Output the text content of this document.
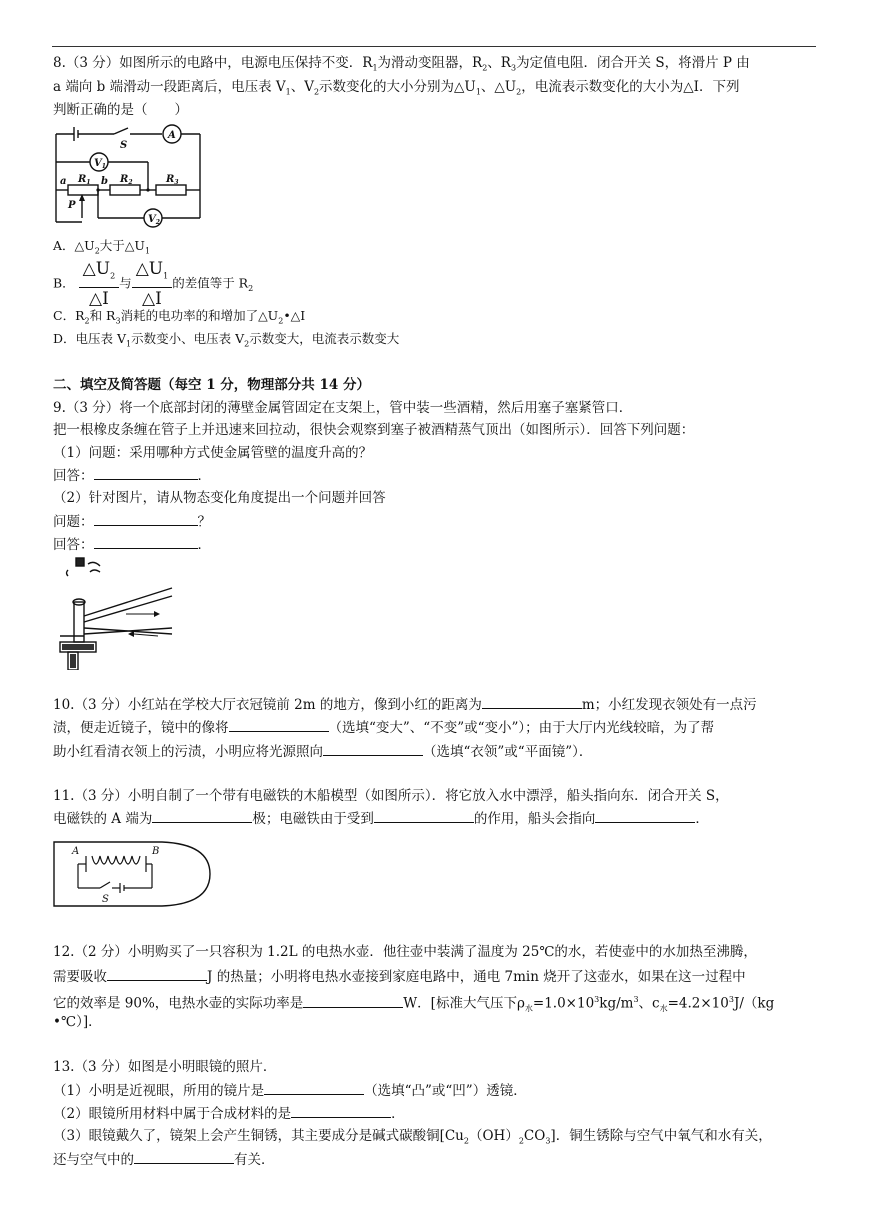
8.（3 分）如图所示的电路中，电源电压保持不变．$R_1$为滑动变阻器，$R_2$、$R_3$为定值电阻．闭合开关 S，将滑片 P 由
a 端向 b 端滑动一段距离后，电压表 $V_1$、$V_2$示数变化的大小分别为$\triangle U_1$、$\triangle U_2$，电流表示数变化的大小为△I．下列
判断正确的是（　　）
S
A
$V_1$
a	b
$R_1$	$R_2$	$R_3$
P
$V_2$
A．$\triangle U_2$大于$\triangle U_1$
B． $\frac{\triangle U_2}{\triangle I}$ 与 $\frac{\triangle U_1}{\triangle I}$ 的差值等于 $R_2$
C．$R_2$和 $R_3$消耗的电功率的和增加了$\triangle U_2•\triangle I$
D．电压表 $V_1$示数变小、电压表 $V_2$示数变大，电流表示数变大
二、填空及简答题（每空 1 分，物理部分共 14 分）
9.（3 分）将一个底部封闭的薄壁金属管固定在支架上，管中装一些酒精，然后用塞子塞紧管口．
把一根橡皮条缠在管子上并迅速来回拉动，很快会观察到塞子被酒精蒸气顶出（如图所示）．回答下列问题：
（1）问题：采用哪种方式使金属管壁的温度升高的？
回答：	．
（2）针对图片，请从物态变化角度提出一个问题并回答
问题：	？
回答：	．
10.（3 分）小红站在学校大厅衣冠镜前 2m 的地方，像到小红的距离为	m；小红发现衣领处有一点污
渍，便走近镜子，镜中的像将	（选填“变大”、“不变”或“变小”）；由于大厅内光线较暗，为了帮
助小红看清衣领上的污渍，小明应将光源照向	（选填“衣领”或“平面镜”）．
11.（3 分）小明自制了一个带有电磁铁的木船模型（如图所示）．将它放入水中漂浮，船头指向东．闭合开关 S，
电磁铁的 A 端为	极；电磁铁由于受到	的作用，船头会指向	．
A	B
S
12.（2 分）小明购买了一只容积为 1.2L 的电热水壶．他往壶中装满了温度为 25℃的水，若使壶中的水加热至沸腾，
需要吸收	J 的热量；小明将电热水壶接到家庭电路中，通电 7min 烧开了这壶水，如果在这一过程中
它的效率是 90%，电热水壶的实际功率是	W．[标准大气压下$\rho_水=1.0\times 10^3kg/m^3$、$c_水=4.2\times 10^3J/(kg$
•℃）]．
13.（3 分）如图是小明眼镜的照片．
（1）小明是近视眼，所用的镜片是	（选填“凸”或“凹”）透镜．
（2）眼镜所用材料中属于合成材料的是	．
（3）眼镜戴久了，镜架上会产生铜锈，其主要成分是碱式碳酸铜$[Cu_2(OH)_2CO_3]$．铜生锈除与空气中氧气和水有关，
还与空气中的	有关．
